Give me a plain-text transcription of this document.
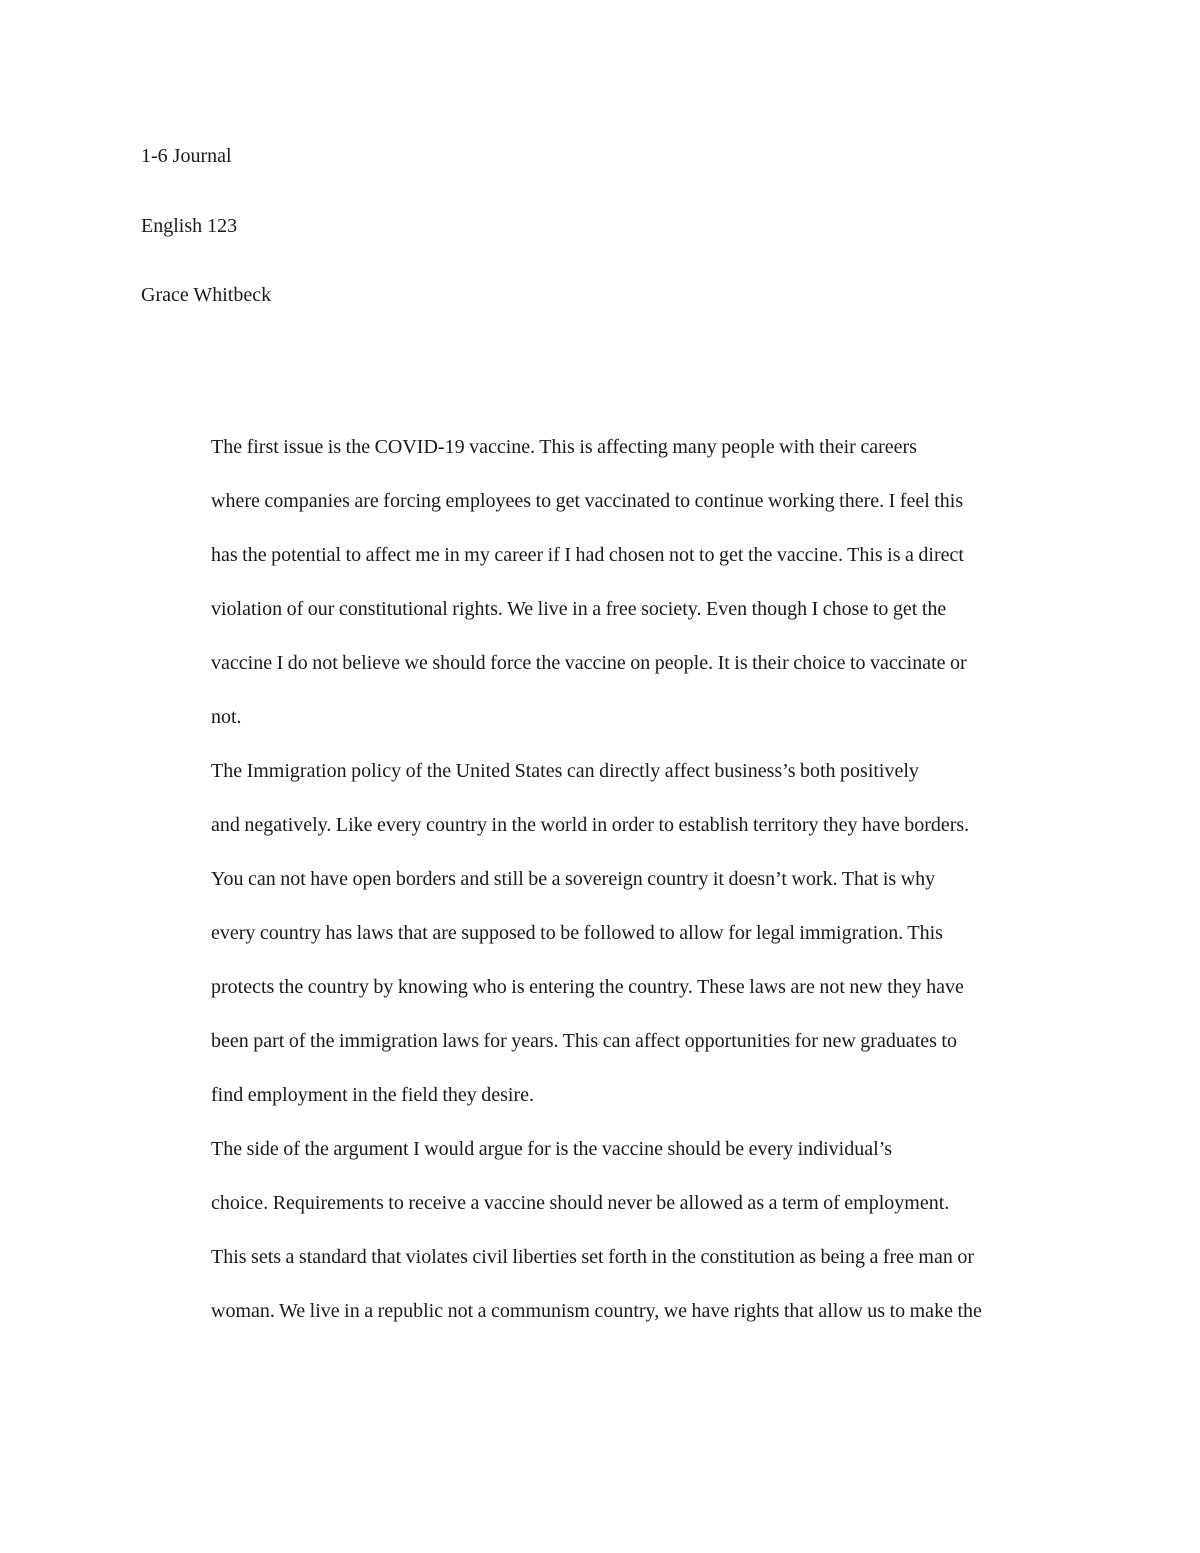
1-6 Journal
English 123
Grace Whitbeck

The first issue is the COVID-19 vaccine. This is affecting many people with their careers
where companies are forcing employees to get vaccinated to continue working there. I feel this
has the potential to affect me in my career if I had chosen not to get the vaccine. This is a direct
violation of our constitutional rights. We live in a free society. Even though I chose to get the
vaccine I do not believe we should force the vaccine on people. It is their choice to vaccinate or
not.

The Immigration policy of the United States can directly affect business’s both positively
and negatively. Like every country in the world in order to establish territory they have borders.
You can not have open borders and still be a sovereign country it doesn’t work. That is why
every country has laws that are supposed to be followed to allow for legal immigration. This
protects the country by knowing who is entering the country. These laws are not new they have
been part of the immigration laws for years. This can affect opportunities for new graduates to
find employment in the field they desire.

The side of the argument I would argue for is the vaccine should be every individual’s
choice. Requirements to receive a vaccine should never be allowed as a term of employment.
This sets a standard that violates civil liberties set forth in the constitution as being a free man or
woman. We live in a republic not a communism country, we have rights that allow us to make the
